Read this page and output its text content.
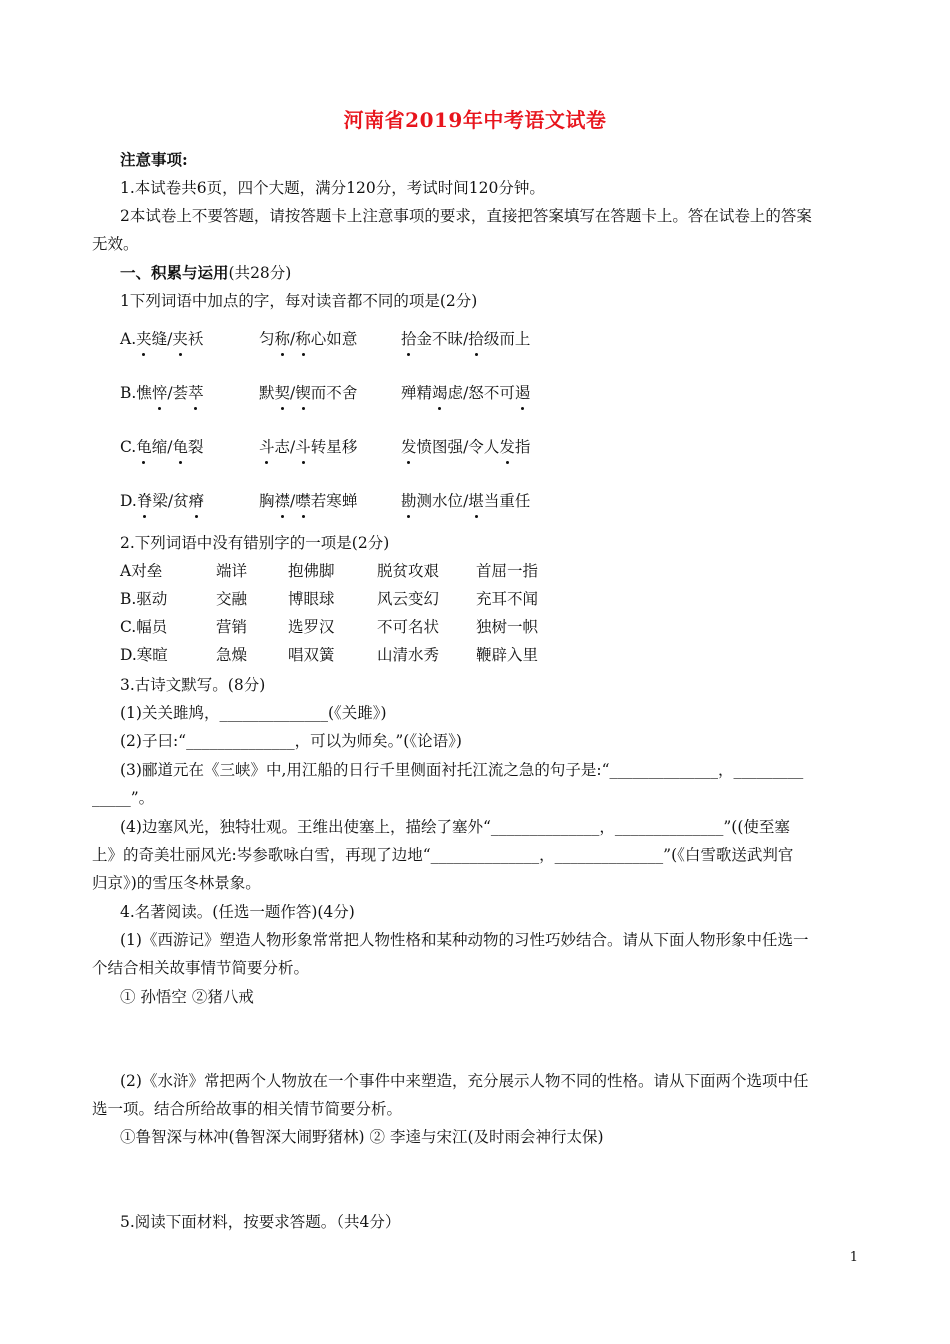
河南省2019年中考语文试卷
注意事项:
1.本试卷共6页，四个大题，满分120分，考试时间120分钟。
2本试卷上不要答题，请按答题卡上注意事项的要求，直接把答案填写在答题卡上。答在试卷上的答案
无效。
一、积累与运用(共28分)
1下列词语中加点的字，每对读音都不同的项是(2分)
A.夹缝/夹袄	匀称/称心如意	拾金不昧/拾级而上
B.憔悴/荟萃	默契/锲而不舍	殚精竭虑/怒不可遏
C.龟缩/龟裂	斗志/斗转星移	发愤图强/令人发指
D.脊梁/贫瘠	胸襟/噤若寒蝉	勘测水位/堪当重任
2.下列词语中没有错别字的一项是(2分)
A对垒	端详	抱佛脚	脱贫攻艰 首屈一指
B.驱动	交融	博眼球	风云变幻 充耳不闻
C.幅员	营销	选罗汉	不可名状 独树一帜
D.寒暄	急燥	唱双簧	山清水秀 鞭辟入里
3.古诗文默写。(8分)
(1)关关雎鸠，______________(《关雎》)
(2)子曰:“______________，可以为师矣。”(《论语》)
(3)郦道元在《三峡》中,用江船的日行千里侧面衬托江流之急的句子是:“______________，_________
_____”。
(4)边塞风光，独特壮观。王维出使塞上，描绘了塞外“______________，______________”((使至塞
上》的奇美壮丽风光:岑参歌咏白雪，再现了边地“______________，______________”(《白雪歌送武判官
归京》)的雪压冬林景象。
4.名著阅读。(任选一题作答)(4分)
(1)《西游记》塑造人物形象常常把人物性格和某种动物的习性巧妙结合。请从下面人物形象中任选一
个结合相关故事情节简要分析。
① 孙悟空 ②猪八戒
(2)《水浒》常把两个人物放在一个事件中来塑造，充分展示人物不同的性格。请从下面两个选项中任
选一项。结合所给故事的相关情节简要分析。
①鲁智深与林冲(鲁智深大闹野猪林) ② 李逵与宋江(及时雨会神行太保)
5.阅读下面材料，按要求答题。（共4分）
1
